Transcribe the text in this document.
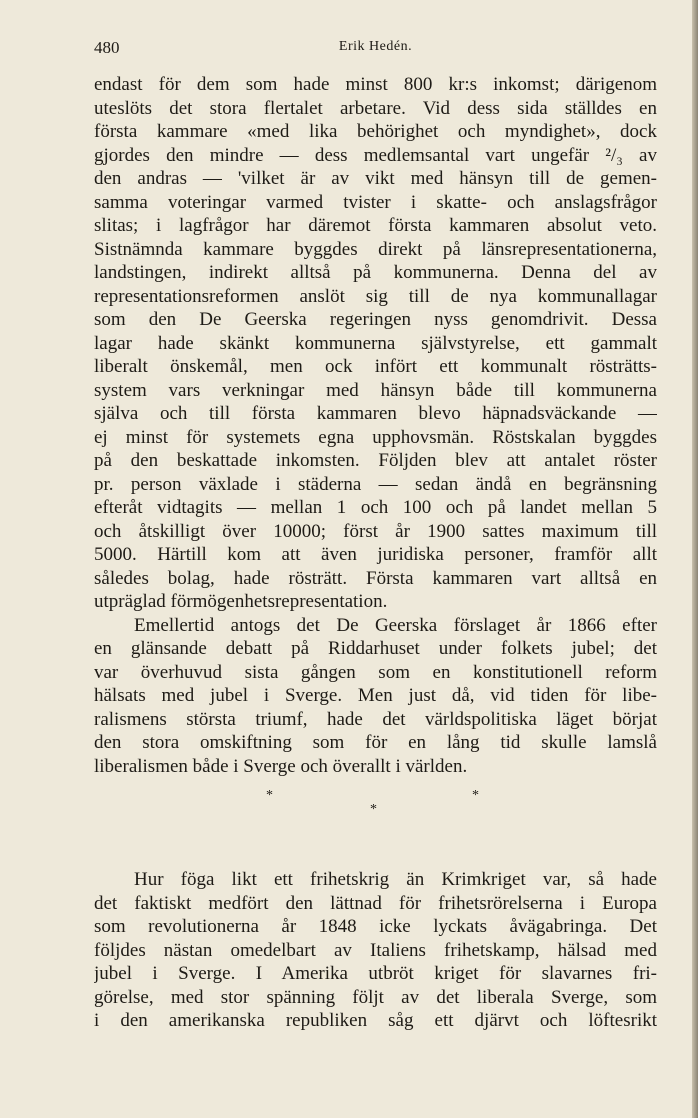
480	Erik Hedén.
endast för dem som hade minst 800 kr:s inkomst; därigenom
uteslöts det stora flertalet arbetare. Vid dess sida ställdes en
första kammare «med lika behörighet och myndighet», dock
gjordes den mindre — dess medlemsantal vart ungefär ²/₃ av
den andras — 'vilket är av vikt med hänsyn till de gemen-
samma voteringar varmed tvister i skatte- och anslagsfrågor
slitas; i lagfrågor har däremot första kammaren absolut veto.
Sistnämnda kammare byggdes direkt på länsrepresentationerna,
landstingen, indirekt alltså på kommunerna. Denna del av
representationsreformen anslöt sig till de nya kommunallagar
som den De Geerska regeringen nyss genomdrivit. Dessa
lagar hade skänkt kommunerna självstyrelse, ett gammalt
liberalt önskemål, men ock infört ett kommunalt rösträtts-
system vars verkningar med hänsyn både till kommunerna
själva och till första kammaren blevo häpnadsväckande —
ej minst för systemets egna upphovsmän. Röstskalan byggdes
på den beskattade inkomsten. Följden blev att antalet röster
pr. person växlade i städerna — sedan ändå en begränsning
efteråt vidtagits — mellan 1 och 100 och på landet mellan 5
och åtskilligt över 10000; först år 1900 sattes maximum till
5000. Härtill kom att även juridiska personer, framför allt
således bolag, hade rösträtt. Första kammaren vart alltså en
utpräglad förmögenhetsrepresentation.
Emellertid antogs det De Geerska förslaget år 1866 efter
en glänsande debatt på Riddarhuset under folkets jubel; det
var överhuvud sista gången som en konstitutionell reform
hälsats med jubel i Sverge. Men just då, vid tiden för libe-
ralismens största triumf, hade det världspolitiska läget börjat
den stora omskiftning som för en lång tid skulle lamslå
liberalismen både i Sverge och överallt i världen.
*	*
*
Hur föga likt ett frihetskrig än Krimkriget var, så hade
det faktiskt medfört den lättnad för frihetsrörelserna i Europa
som revolutionerna år 1848 icke lyckats åvägabringa. Det
följdes nästan omedelbart av Italiens frihetskamp, hälsad med
jubel i Sverge. I Amerika utbröt kriget för slavarnes fri-
görelse, med stor spänning följt av det liberala Sverge, som
i den amerikanska republiken såg ett djärvt och löftesrikt
